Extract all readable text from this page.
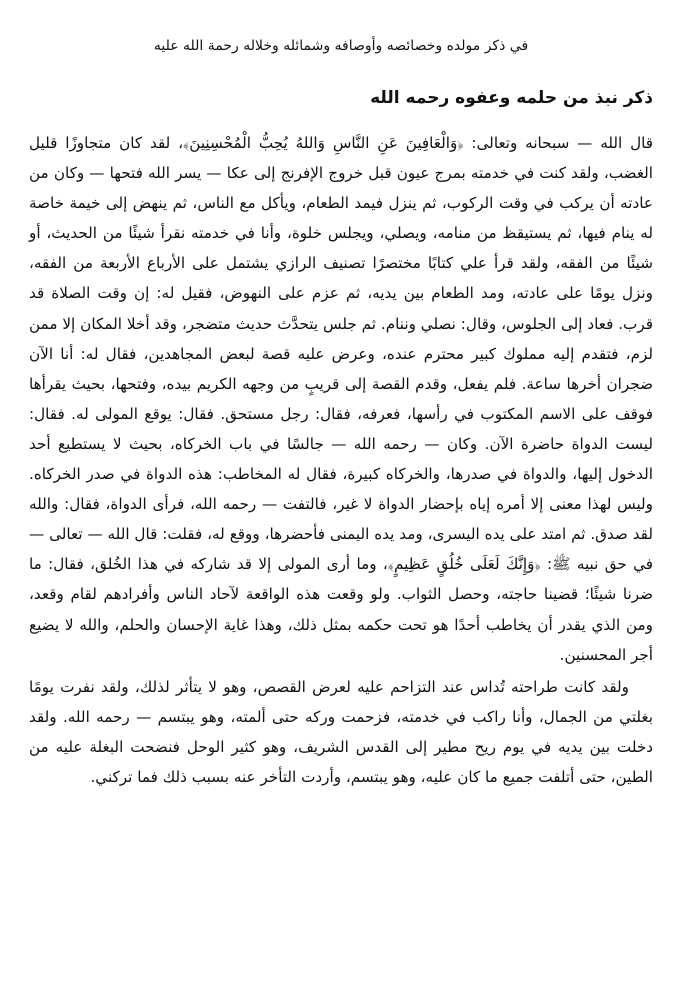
في ذكر مولده وخصائصه وأوصافه وشمائله وخلاله رحمة الله عليه
ذكر نبذ من حلمه وعفوه رحمه الله

قال الله — سبحانه وتعالى: ﴿وَالْعَافِينَ عَنِ النَّاسِ وَاللهُ يُحِبُّ الْمُحْسِنِينَ﴾، لقد كان متجاوزًا قليل الغضب، ولقد كنت في خدمته بمرج عيون قبل خروج الإفرنج إلى عكا — يسر الله فتحها — وكان من عادته أن يركب في وقت الركوب، ثم ينزل فيمد الطعام، ويأكل مع الناس، ثم ينهض إلى خيمة خاصة له ينام فيها، ثم يستيقظ من منامه، ويصلي، ويجلس خلوة، وأنا في خدمته نقرأ شيئًا من الحديث، أو شيئًا من الفقه، ولقد قرأ علي كتابًا مختصرًا تصنيف الرازي يشتمل على الأرباع الأربعة من الفقه، ونزل يومًا على عادته، ومد الطعام بين يديه، ثم عزم على النهوض، فقيل له: إن وقت الصلاة قد قرب. فعاد إلى الجلوس، وقال: نصلي وننام. ثم جلس يتحدَّث حديث متضجر، وقد أخلا المكان إلا ممن لزم، فتقدم إليه مملوك كبير محترم عنده، وعرض عليه قصة لبعض المجاهدين، فقال له: أنا الآن ضجران أخرها ساعة. فلم يفعل، وقدم القصة إلى قريبٍ من وجهه الكريم بيده، وفتحها، بحيث يقرأها فوقف على الاسم المكتوب في رأسها، فعرفه، فقال: رجل مستحق. فقال: يوقع المولى له. فقال: ليست الدواة حاضرة الآن. وكان — رحمه الله — جالسًا في باب الخركاه، بحيث لا يستطيع أحد الدخول إليها، والدواة في صدرها، والخركاه كبيرة، فقال له المخاطب: هذه الدواة في صدر الخركاه. وليس لهذا معنى إلا أمره إياه بإحضار الدواة لا غير، فالتفت — رحمه الله، فرأى الدواة، فقال: والله لقد صدق. ثم امتد على يده اليسرى، ومد يده اليمنى فأحضرها، ووقع له، فقلت: قال الله — تعالى — في حق نبيه ﷺ: ﴿وَإِنَّكَ لَعَلَى خُلُقٍ عَظِيمٍ﴾، وما أرى المولى إلا قد شاركه في هذا الخُلق، فقال: ما ضرنا شيئًا؛ قضينا حاجته، وحصل الثواب. ولو وقعت هذه الواقعة لآحاد الناس وأفرادهم لقام وقعد، ومن الذي يقدر أن يخاطب أحدًا هو تحت حكمه بمثل ذلك، وهذا غاية الإحسان والحلم، والله لا يضيع أجر المحسنين.

ولقد كانت طراحته تُداس عند التزاحم عليه لعرض القصص، وهو لا يتأثر لذلك، ولقد نفرت يومًا بغلتي من الجمال، وأنا راكب في خدمته، فزحمت وركه حتى ألمته، وهو يبتسم — رحمه الله. ولقد دخلت بين يديه في يوم ريح مطير إلى القدس الشريف، وهو كثير الوحل فنضحت البغلة عليه من الطين، حتى أتلفت جميع ما كان عليه، وهو يبتسم، وأردت التأخر عنه بسبب ذلك فما تركني.
